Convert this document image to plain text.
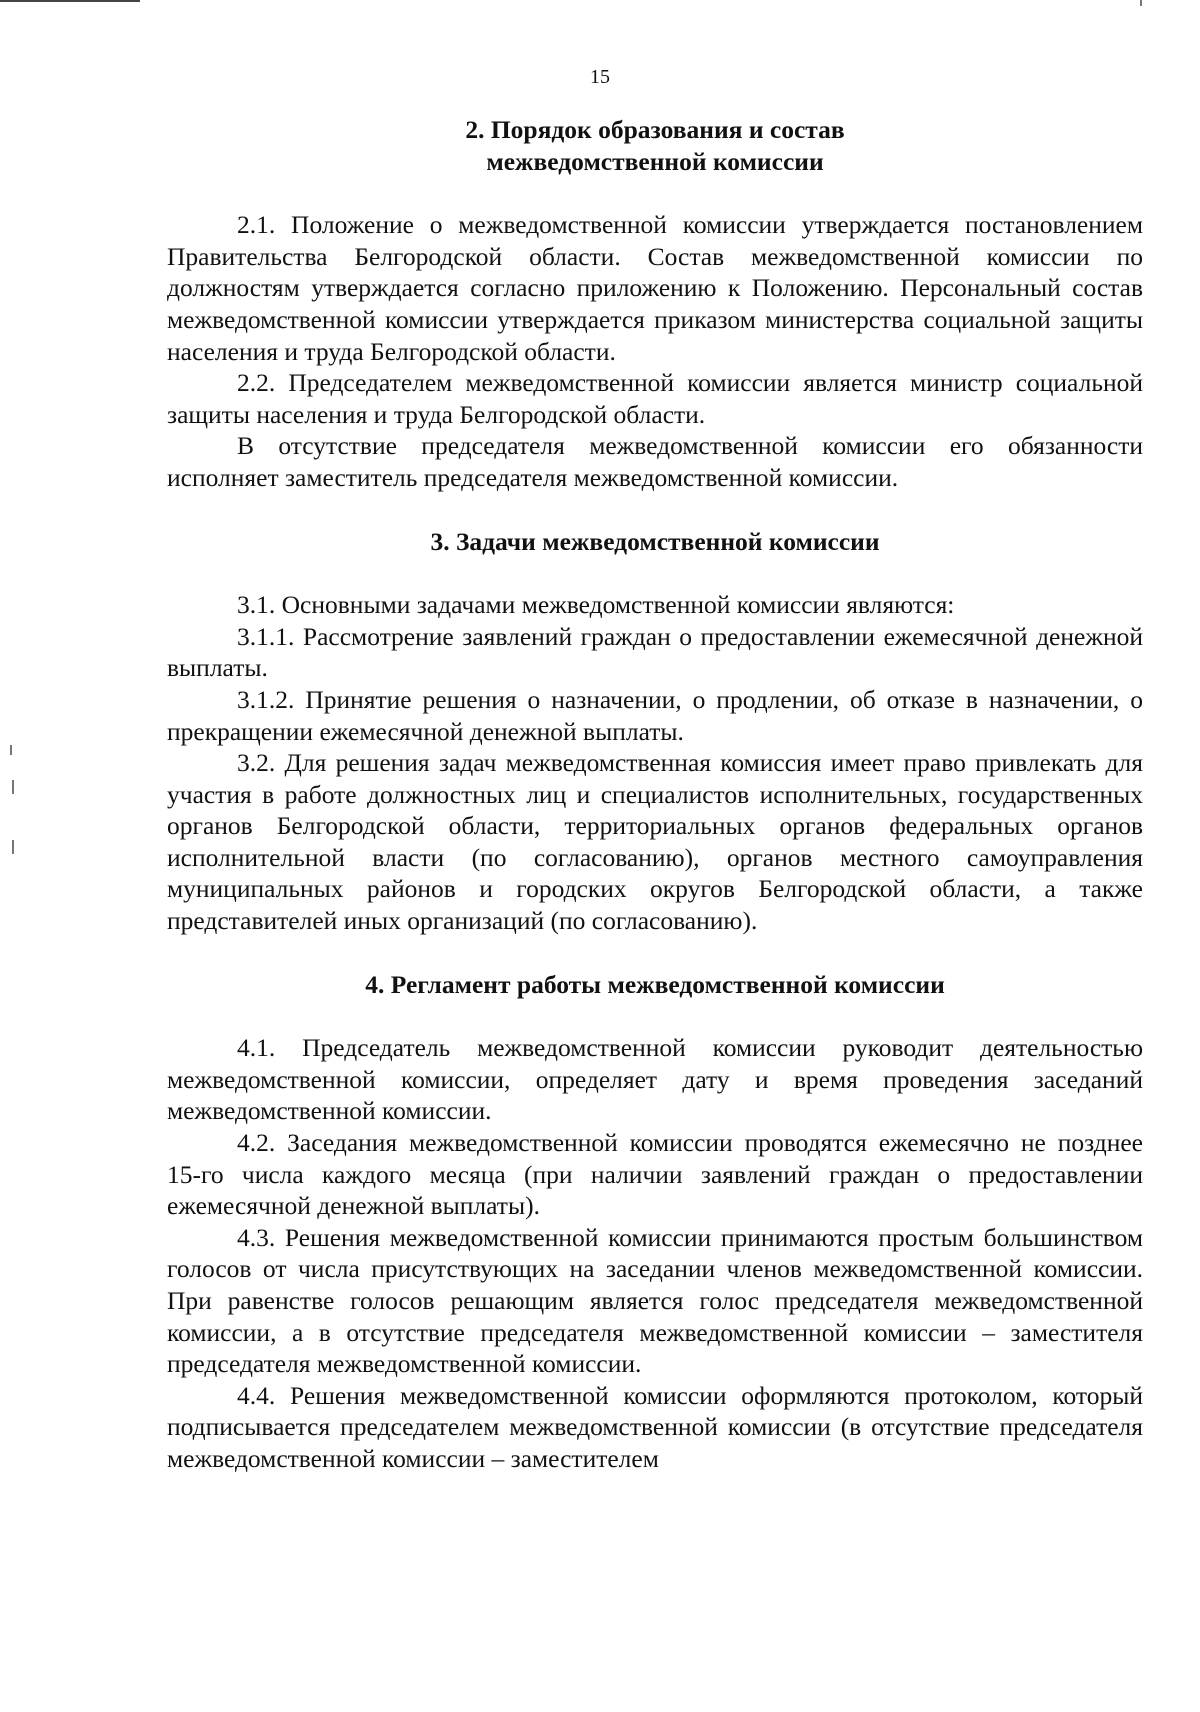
15
2. Порядок образования и состав
межведомственной комиссии

2.1. Положение о межведомственной комиссии утверждается постановлением Правительства Белгородской области. Состав межведомственной комиссии по должностям утверждается согласно приложению к Положению. Персональный состав межведомственной комиссии утверждается приказом министерства социальной защиты населения и труда Белгородской области.

2.2. Председателем межведомственной комиссии является министр социальной защиты населения и труда Белгородской области.

В отсутствие председателя межведомственной комиссии его обязанности исполняет заместитель председателя межведомственной комиссии.

3. Задачи межведомственной комиссии

3.1. Основными задачами межведомственной комиссии являются:

3.1.1. Рассмотрение заявлений граждан о предоставлении ежемесячной денежной выплаты.

3.1.2. Принятие решения о назначении, о продлении, об отказе в назначении, о прекращении ежемесячной денежной выплаты.

3.2. Для решения задач межведомственная комиссия имеет право привлекать для участия в работе должностных лиц и специалистов исполнительных, государственных органов Белгородской области, территориальных органов федеральных органов исполнительной власти (по согласованию), органов местного самоуправления муниципальных районов и городских округов Белгородской области, а также представителей иных организаций (по согласованию).

4. Регламент работы межведомственной комиссии

4.1. Председатель межведомственной комиссии руководит деятельностью межведомственной комиссии, определяет дату и время проведения заседаний межведомственной комиссии.

4.2. Заседания межведомственной комиссии проводятся ежемесячно не позднее 15-го числа каждого месяца (при наличии заявлений граждан о предоставлении ежемесячной денежной выплаты).

4.3. Решения межведомственной комиссии принимаются простым большинством голосов от числа присутствующих на заседании членов межведомственной комиссии. При равенстве голосов решающим является голос председателя межведомственной комиссии, а в отсутствие председателя межведомственной комиссии – заместителя председателя межведомственной комиссии.

4.4. Решения межведомственной комиссии оформляются протоколом, который подписывается председателем межведомственной комиссии (в отсутствие председателя межведомственной комиссии – заместителем
